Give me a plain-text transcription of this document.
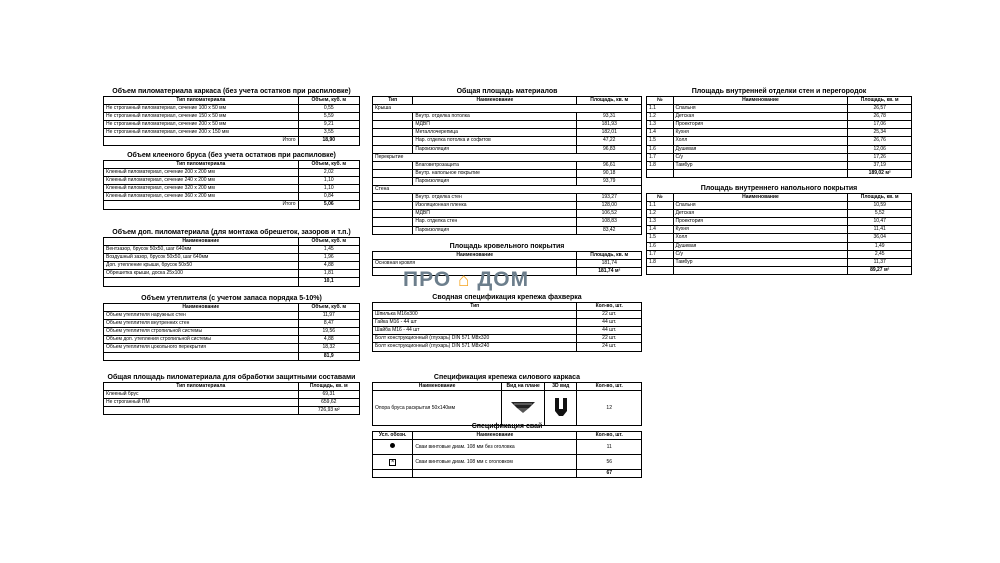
Объем пиломатериала каркаса (без учета остатков при распиловке)
Тип пиломатериала	Объем, куб. м
Не строганный пиломатериал, сечение 100 х 50 мм	0,55
Не строганный пиломатериал, сечение 150 х 50 мм	5,59
Не строганный пиломатериал, сечение 200 х 50 мм	9,21
Не строганный пиломатериал, сечение 200 х 150 мм	3,55
Итого	18,90
Объем клееного бруса (без учета остатков при распиловке)
Тип пиломатериала	Объем, куб. м
Клееный пиломатериал, сечение 200 х 200 мм	2,02
Клееный пиломатериал, сечение 240 х 200 мм	1,10
Клееный пиломатериал, сечение 320 х 200 мм	1,10
Клееный пиломатериал, сечение 360 х 200 мм	0,84
Итого	5,06
Объем доп. пиломатериала (для монтажа обрешеток, зазоров и т.п.)
Наименование	Объем, куб. м
Вентзазор, брусок 50х50, шаг 640мм	1,45
Воздушный зазор, брусок 50х50, шаг 640мм	1,96
Доп. утепление крыши, брусок 50х50	4,88
Обрешетка крыши, доска 25х100	1,81
	10,1
Объем утеплителя (с учетом запаса порядка 5-10%)
Наименование	Объем, куб. м
Объем утеплителя наружных стен	11,97
Объем утеплителя внутренних стен	8,47
Объем утеплителя стропильной системы	19,56
Объем доп. утепления стропильной системы	4,88
Объем утеплителя цокольного перекрытия	18,32
	81,9
Общая площадь пиломатериала для обработки защитными составами
Тип пиломатериала	Площадь, кв. м
Клееный брус	69,31
Не строганный ПМ	659,62
	726,93 м²
Общая площадь материалов
Тип	Наименование	Площадь, кв. м
Крыша		
	Внутр. отделка потолка	93,31
	МДВП	181,93
	Металлочерепица	182,01
	Нар. отделка потолка и софитов	47,22
	Пароизоляция	96,83
Перекрытие		
	Влаговетрозащита	96,61
	Внутр. напольное покрытие	90,18
	Пароизоляция	93,79
Стена		
	Внутр. отделка стен	193,27
	Изоляционная пленка	128,00
	МДВП	106,52
	Нар. отделка стен	108,83
	Пароизоляция	83,42
Площадь кровельного покрытия
Наименование	Площадь, кв. м
Основная кровля	181,74
	181,74 м²
Сводная спецификация крепежа фахверка
Тип	Кол-во, шт.
Шпилька М16х300	22 шт.
Гайка М16 - 44 шт	44 шт.
Шайба М16 - 44 шт	44 шт.
Болт конструкционный (глухарь) DIN 571 М8х320	22 шт.
Болт конструкционный (глухарь) DIN 571 М8х240	24 шт.
Спецификация крепежа силового каркаса
Наименование	Вид на плане	3D вид	Кол-во, шт.
Опора бруса раскрытая 50х140мм			12
Спецификация свай
Усл. обозн.	Наименование	Кол-во, шт.
	Сваи винтовые диам. 108 мм без оголовка	11
×	Сваи винтовые диам. 108 мм с оголовком	56
		67
Площадь внутренней отделки стен и перегородок
№	Наименование	Площадь, кв. м
1.1	Спальня	26,57
1.2	Детская	26,78
1.3	Проектория	17,06
1.4	Кухня	25,34
1.5	Холл	26,76
1.6	Душевая	12,06
1.7	С/у	17,26
1.8	Тамбур	37,19
		189,02 м²
Площадь внутреннего напольного покрытия
№	Наименование	Площадь, кв. м
1.1	Спальня	10,59
1.2	Детская	5,52
1.3	Проектория	10,47
1.4	Кухня	11,41
1.5	Холл	36,04
1.6	Душевая	1,49
1.7	С/у	2,45
1.8	Тамбур	11,37
		89,27 м²
ПРО ⌂ ДОМ
